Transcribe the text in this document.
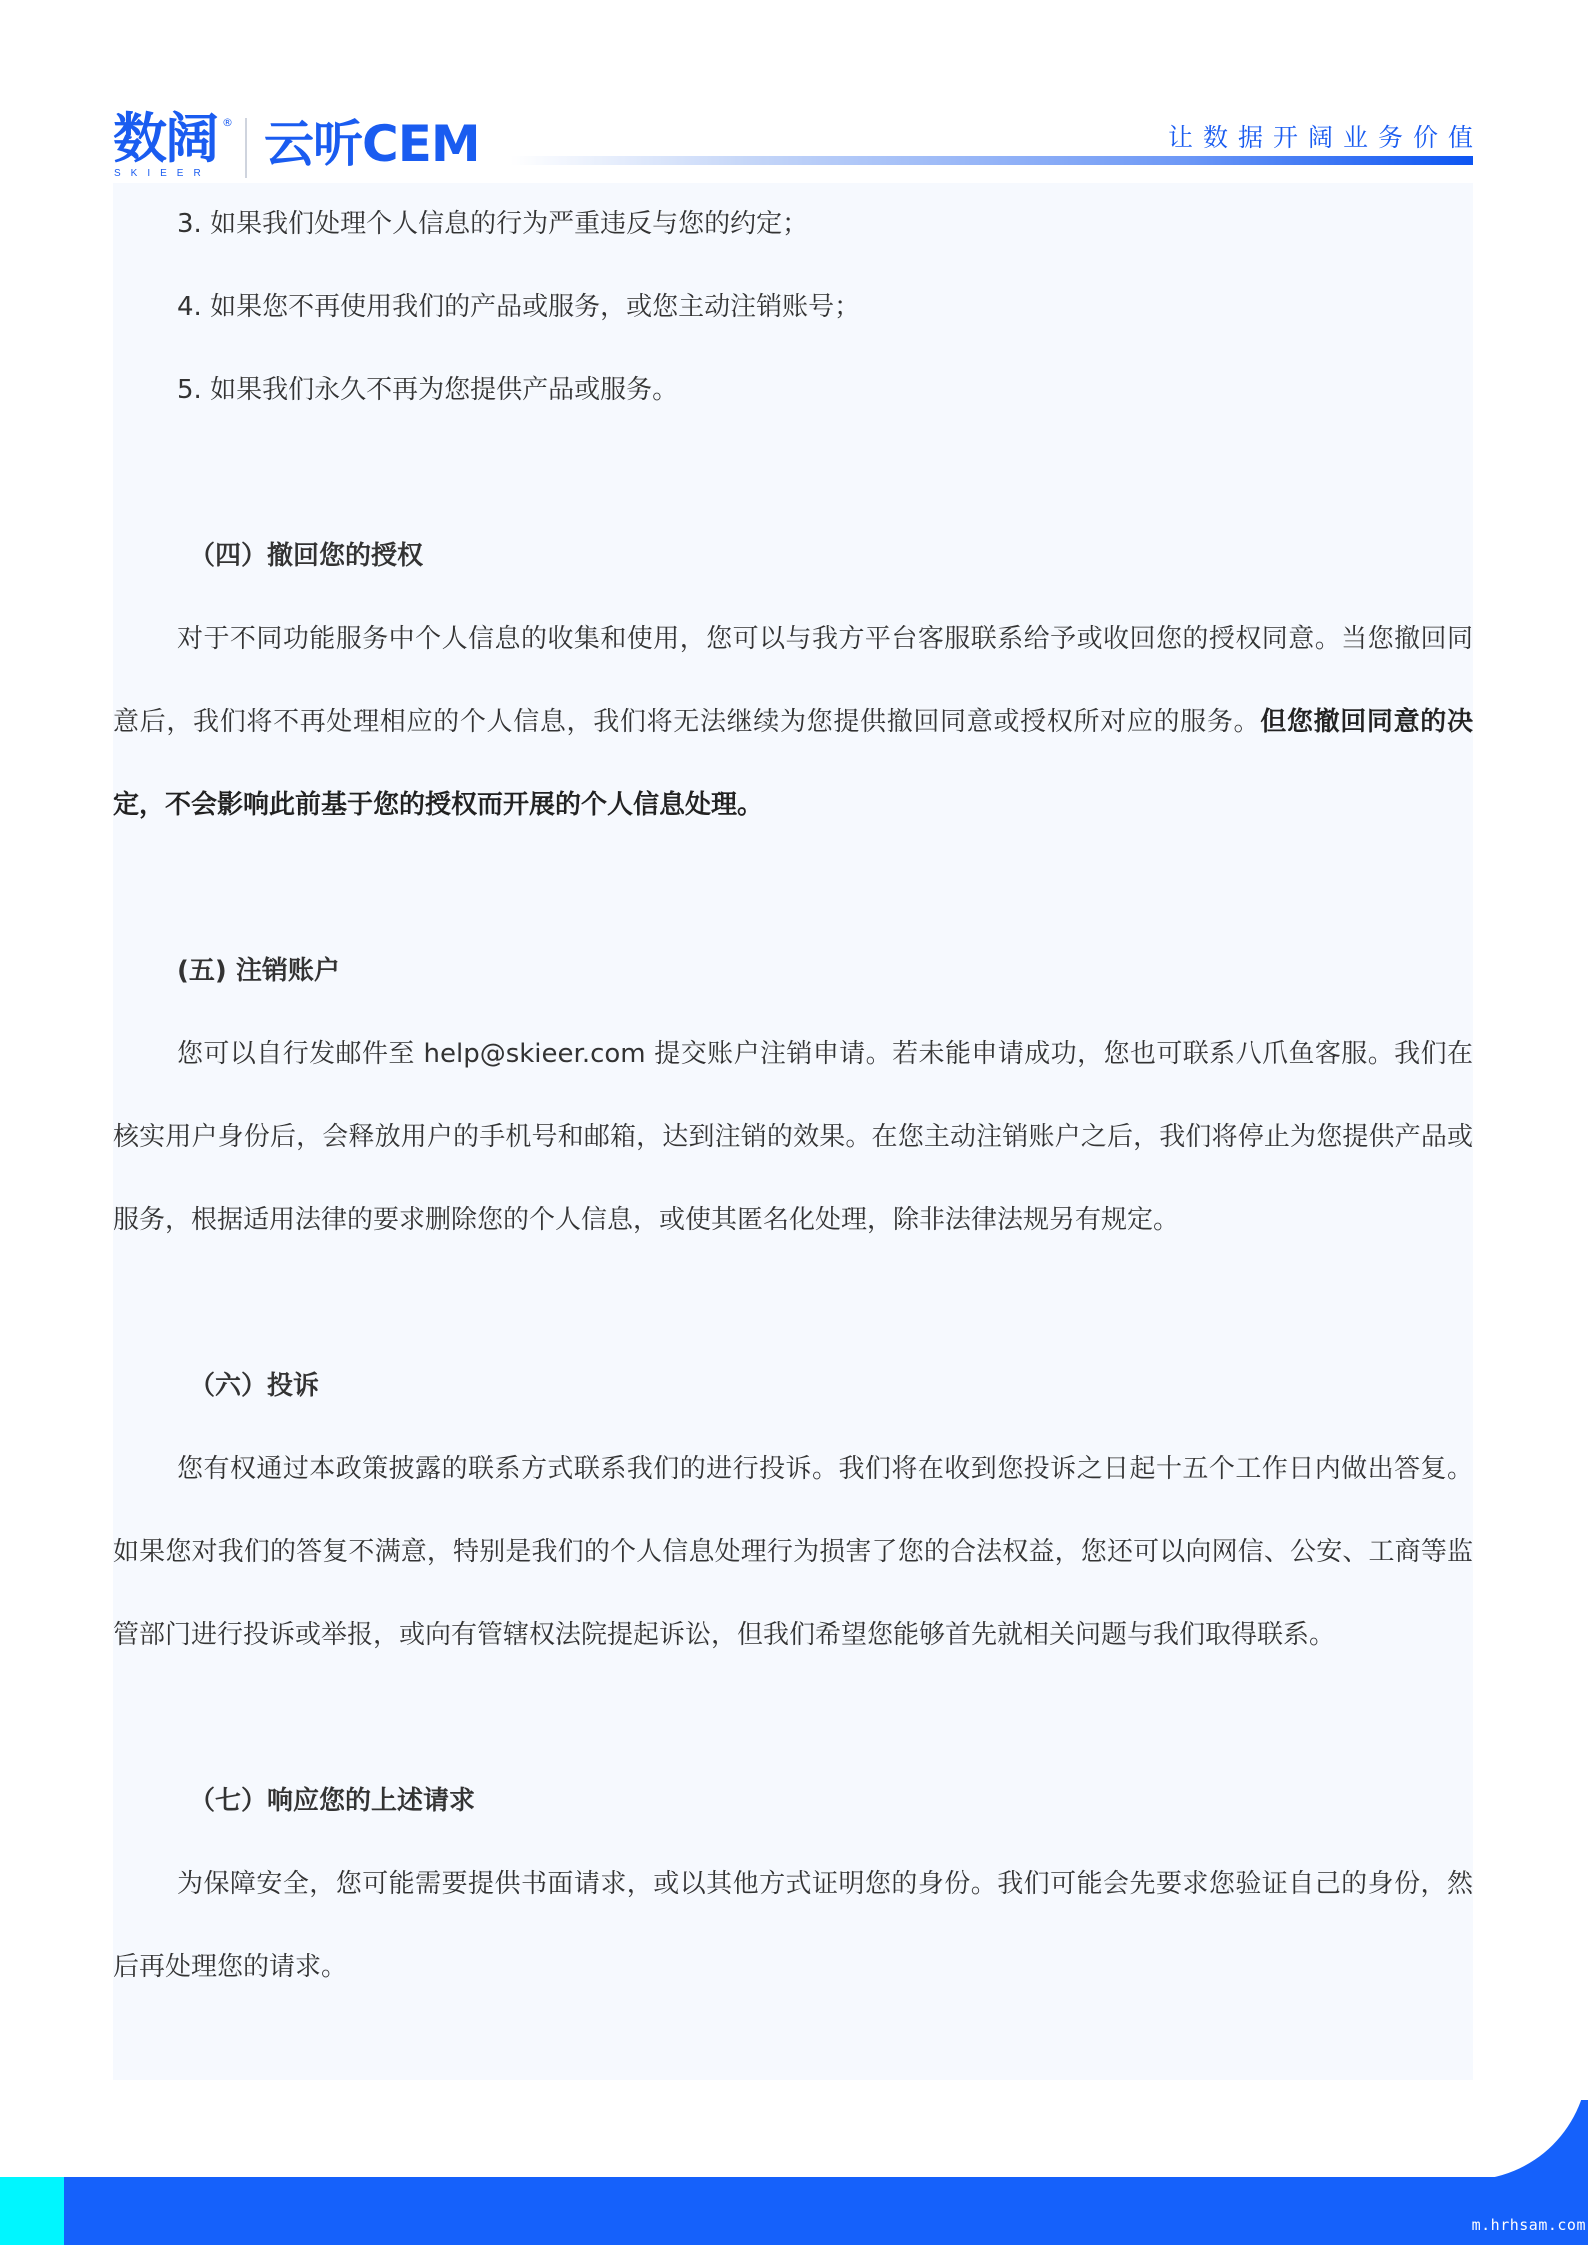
数阔 ®
SKIEER
云听CEM	让数据开阔业务价值
3. 如果我们处理个人信息的行为严重违反与您的约定；
4. 如果您不再使用我们的产品或服务，或您主动注销账号；
5. 如果我们永久不再为您提供产品或服务。
（四）撤回您的授权
对于不同功能服务中个人信息的收集和使用，您可以与我方平台客服联系给予或收回您的授权同意。当您撤回同意后，我们将不再处理相应的个人信息，我们将无法继续为您提供撤回同意或授权所对应的服务。但您撤回同意的决定，不会影响此前基于您的授权而开展的个人信息处理。
(五) 注销账户
您可以自行发邮件至 help@skieer.com 提交账户注销申请。若未能申请成功，您也可联系八爪鱼客服。我们在核实用户身份后，会释放用户的手机号和邮箱，达到注销的效果。在您主动注销账户之后，我们将停止为您提供产品或服务，根据适用法律的要求删除您的个人信息，或使其匿名化处理，除非法律法规另有规定。
（六）投诉
您有权通过本政策披露的联系方式联系我们的进行投诉。我们将在收到您投诉之日起十五个工作日内做出答复。如果您对我们的答复不满意，特别是我们的个人信息处理行为损害了您的合法权益，您还可以向网信、公安、工商等监管部门进行投诉或举报，或向有管辖权法院提起诉讼，但我们希望您能够首先就相关问题与我们取得联系。
（七）响应您的上述请求
为保障安全，您可能需要提供书面请求，或以其他方式证明您的身份。我们可能会先要求您验证自己的身份，然后再处理您的请求。
m.hrhsam.com
